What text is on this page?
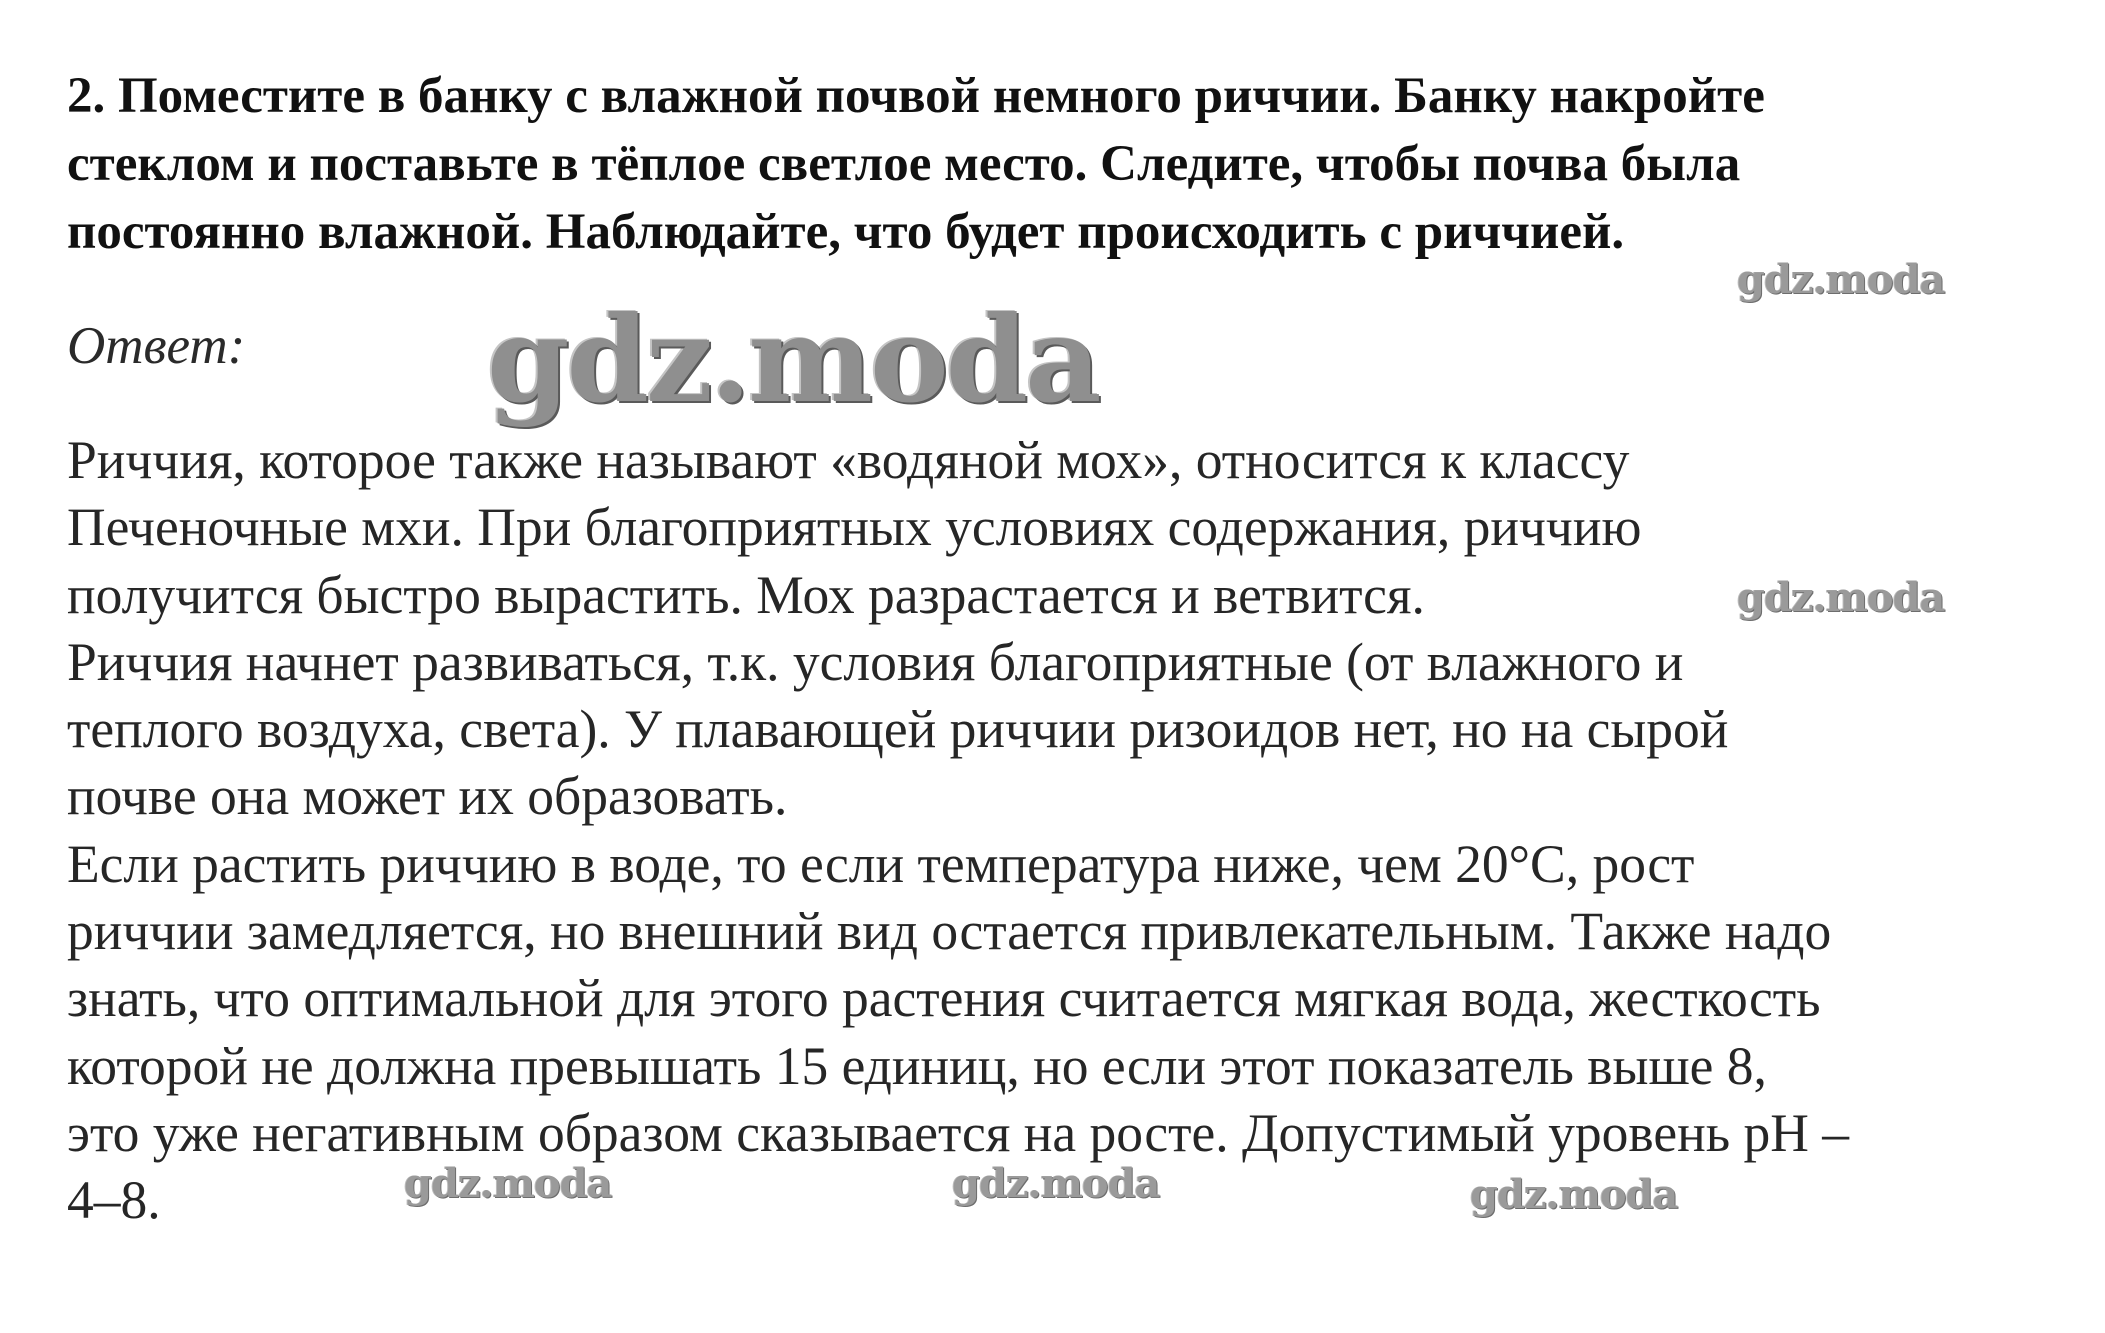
2. Поместите в банку с влажной почвой немного риччии. Банку накройте
стеклом и поставьте в тёплое светлое место. Следите, чтобы почва была
постоянно влажной. Наблюдайте, что будет происходить с риччией.

Ответ:

Риччия, которое также называют «водяной мох», относится к классу
Печеночные мхи. При благоприятных условиях содержания, риччию
получится быстро вырастить. Мох разрастается и ветвится.
Риччия начнет развиваться, т.к. условия благоприятные (от влажного и
теплого воздуха, света). У плавающей риччии ризоидов нет, но на сырой
почве она может их образовать.
Если растить риччию в воде, то если температура ниже, чем 20°C, рост
риччии замедляется, но внешний вид остается привлекательным. Также надо
знать, что оптимальной для этого растения считается мягкая вода, жесткость
которой не должна превышать 15 единиц, но если этот показатель выше 8,
это уже негативным образом сказывается на росте. Допустимый уровень pH –
4–8.
gdz.moda
gdz.moda
gdz.moda
gdz.moda	gdz.moda	gdz.moda
